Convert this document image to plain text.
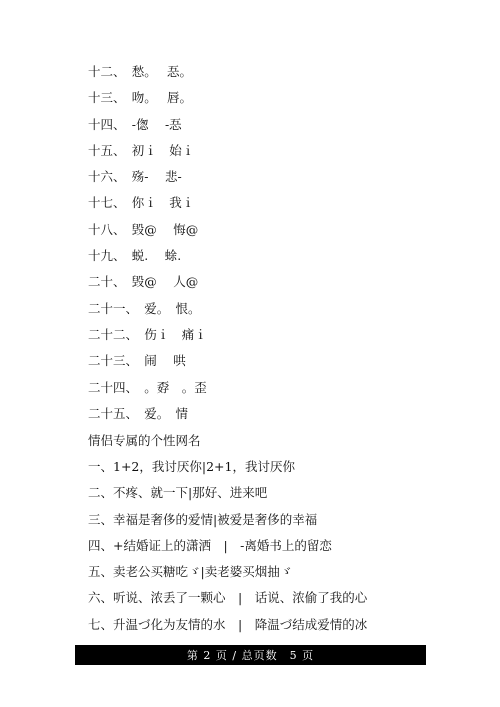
十二、　愁。　 忢。
十三、　吻。　 唇。
十四、　-偬　 -忢
十五、　初ｉ　始ｉ
十六、　殇-　 悲-
十七、　你ｉ　我ｉ
十八、　毁@　 悔@
十九、　蜕.　 蜍.
二十、　毁@　 人@
二十一、　爱。　恨。
二十二、　伤ｉ　痛ｉ
二十三、　闹　 哄
二十四、　。孬　。歪
二十五、　爱。　情
情侣专属的个性网名
一、1+2，我讨厌你|2+1，我讨厌你
二、不疼、就一下|那好、进来吧
三、幸福是奢侈的爱情|被爱是奢侈的幸福
四、+结婚证上的潇洒　|　-离婚书上的留恋
五、卖老公买糖吃ゞ|卖老婆买烟抽ゞ
六、听说、浓丢了一颗心　|　话说、浓偷了我的心
七、升温づ化为友情的水　|　降温づ结成爱情的冰
第 2 页 / 总页数　5 页
